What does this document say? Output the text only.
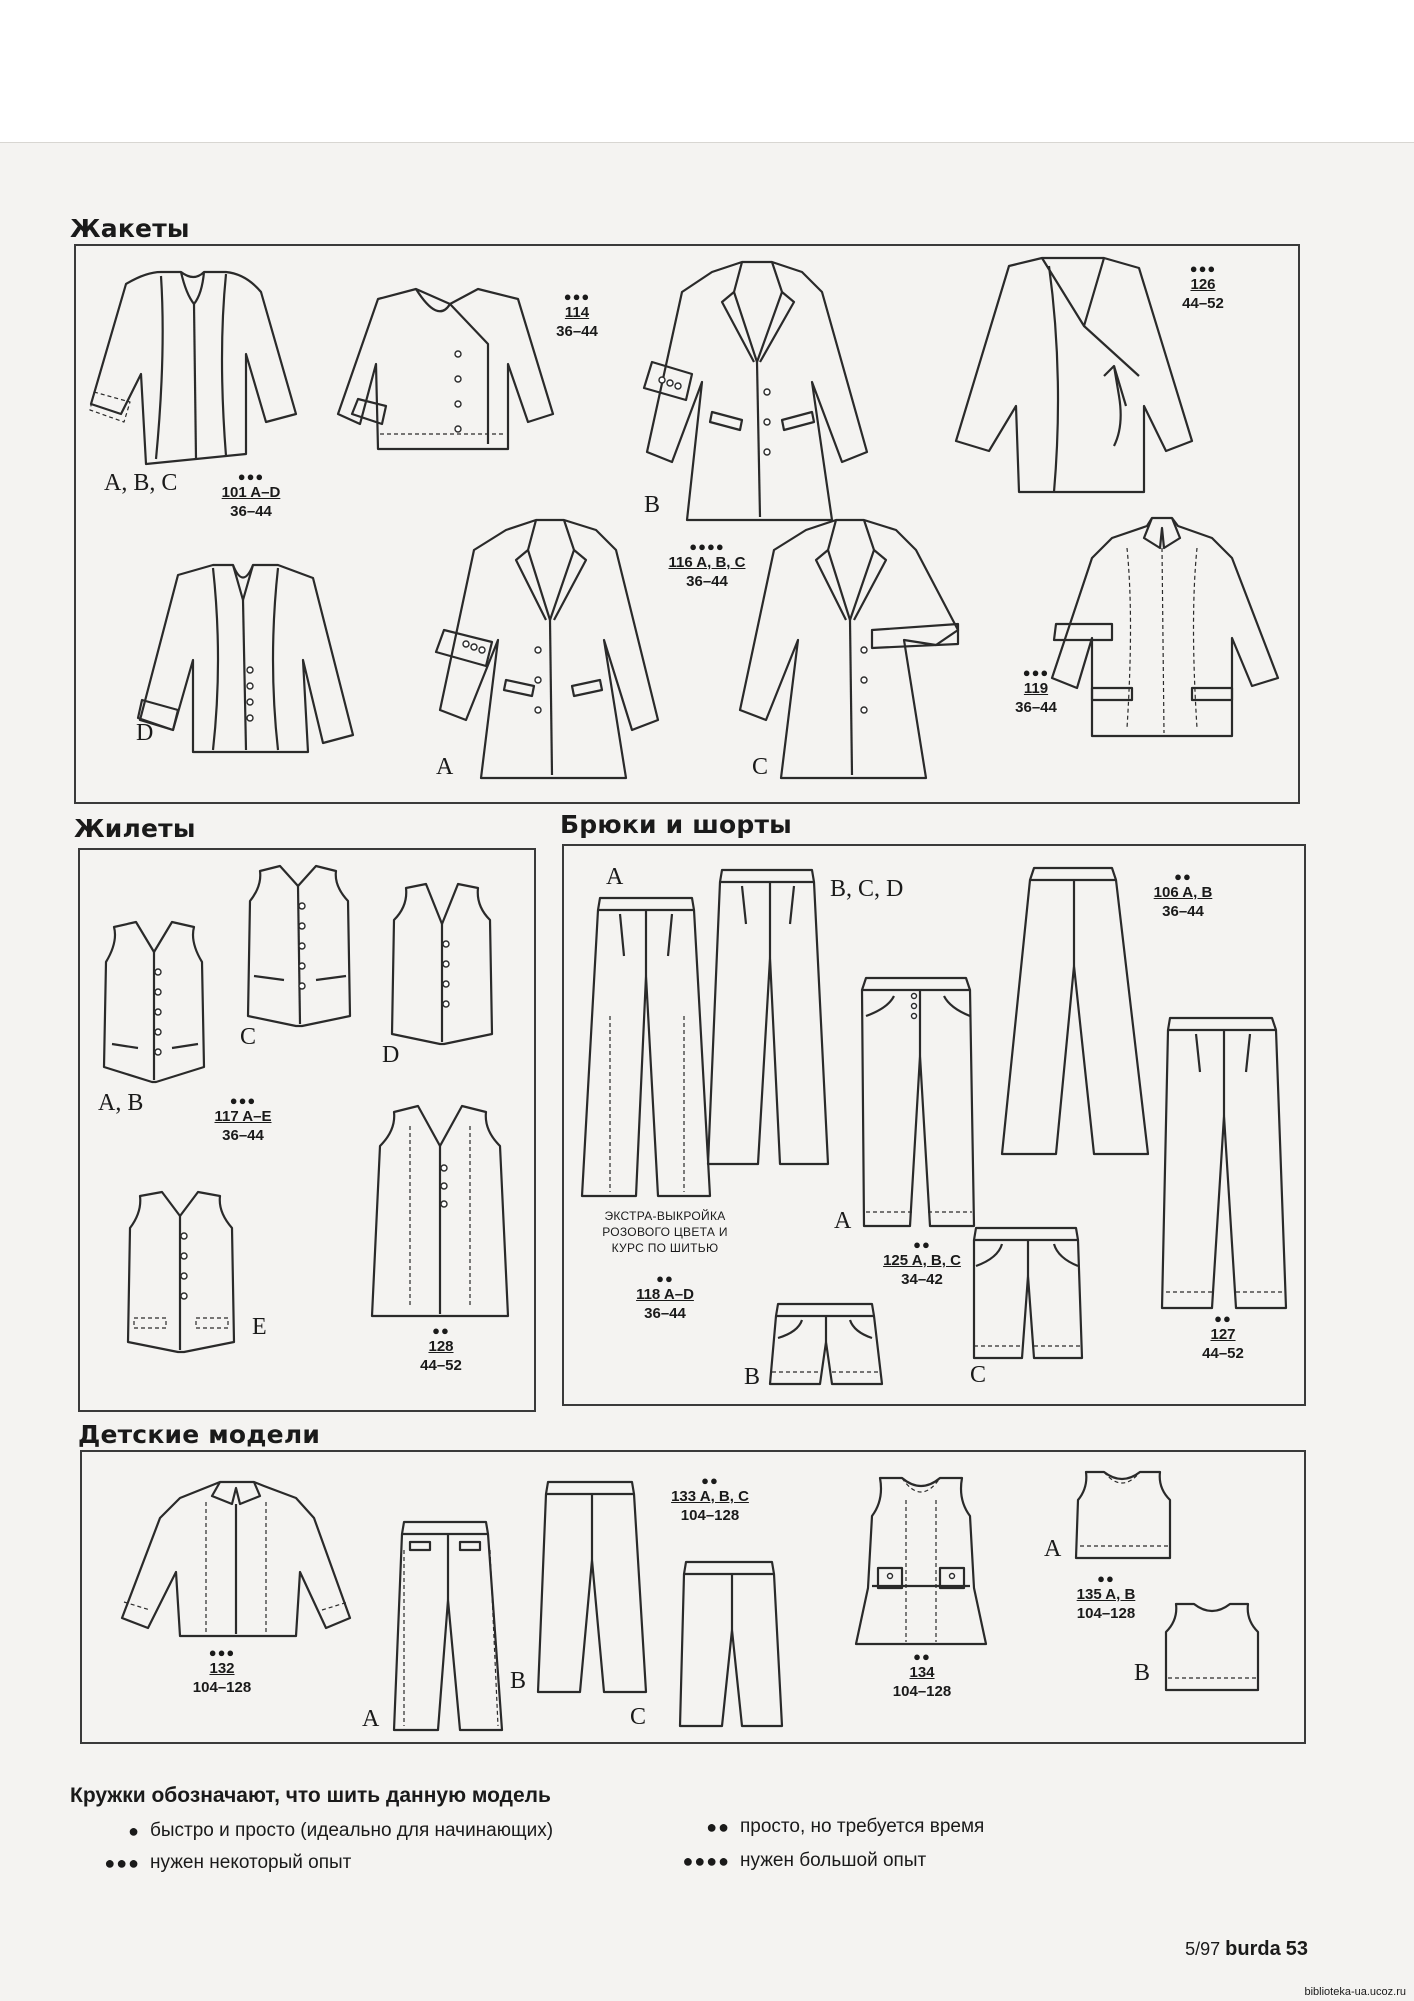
Жакеты
Жилеты	Брюки и шорты
Детские модели
A, B, C	●●●
101 A–D
36–44
●●●
114
36–44
B
●●●●
116 A, B, C
36–44
●●●
126
44–52
D
A	C
●●●
119
36–44
A, B	●●●
117 A–E
36–44
C
D
E	●●
128
44–52
A	B, C, D
ЭКСТРА-ВЫКРОЙКА РОЗОВОГО ЦВЕТА И КУРС ПО ШИТЬЮ
●●
118 A–D
36–44
A
●●
125 A, B, C
34–42
●●
106 A, B
36–44
●●
127
44–52
B	C
●●●
132
104–128
A
B
●●
133 A, B, C
104–128
C
●●
134
104–128
A
●●
135 A, B
104–128
B
Кружки обозначают, что шить данную модель
● быстро и просто (идеально для начинающих)
●●● нужен некоторый опыт
●● просто, но требуется время
●●●● нужен большой опыт
5/97 burda 53
biblioteka-ua.ucoz.ru
